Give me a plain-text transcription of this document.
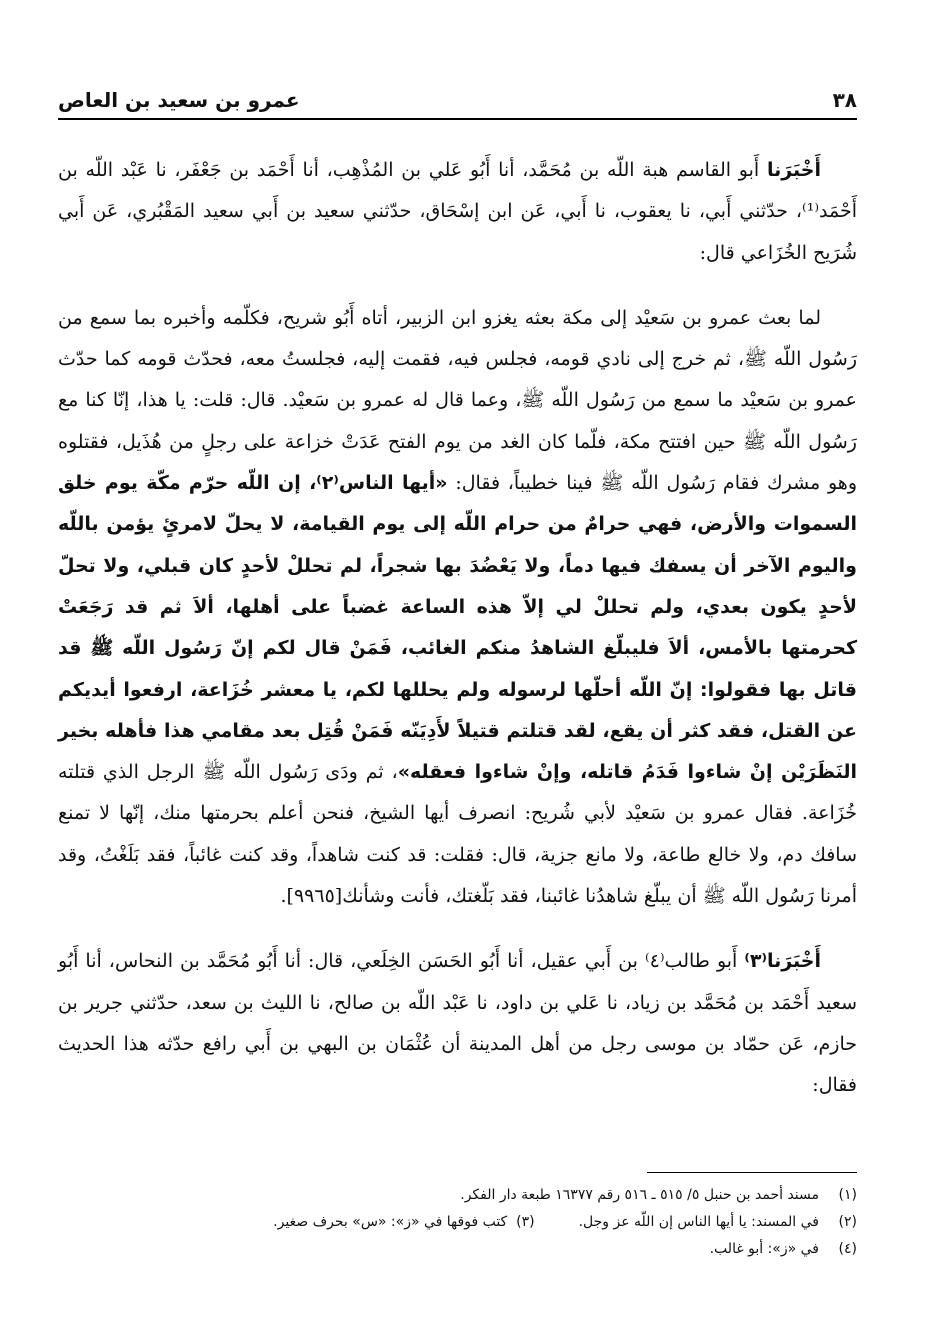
٣٨
عمرو بن سعيد بن العاص

أَخْبَرَنا أَبو القاسم هبة اللّه بن مُحَمَّد، أنا أَبُو عَلي بن المُذْهِب، أنا أَحْمَد بن جَعْفَر، نا عَبْد اللّه بن أَحْمَد⁽¹⁾، حدّثني أَبي، نا يعقوب، نا أَبي، عَن ابن إسْحَاق، حدّثني سعيد بن أَبي سعيد المَقْبُري، عَن أَبي شُرَيح الخُزَاعي قال:

لما بعث عمرو بن سَعيْد إلى مكة بعثه يغزو ابن الزبير، أتاه أَبُو شريح، فكلّمه وأخبره بما سمع من رَسُول اللّه ﷺ، ثم خرج إلى نادي قومه، فجلس فيه، فقمت إليه، فجلستُ معه، فحدّث قومه كما حدّث عمرو بن سَعيْد ما سمع من رَسُول اللّه ﷺ، وعما قال له عمرو بن سَعيْد. قال: قلت: يا هذا، إنّا كنا مع رَسُول اللّه ﷺ حين افتتح مكة، فلّما كان الغد من يوم الفتح عَدَتْ خزاعة على رجلٍ من هُذَيل، فقتلوه وهو مشرك فقام رَسُول اللّه ﷺ فينا خطيباً، فقال: «أيها الناس⁽٢⁾، إن اللّه حرّم مكّة يوم خلق السموات والأرض، فهي حرامٌ من حرام اللّه إلى يوم القيامة، لا يحلّ لامرئٍ يؤمن باللّه واليوم الآخر أن يسفك فيها دماً، ولا يَعْضُدَ بها شجراً، لم تحللْ لأحدٍ كان قبلي، ولا تحلّ لأحدٍ يكون بعدي، ولم تحللْ لي إلاّ هذه الساعة غضباً على أهلها، ألاَ ثم قد رَجَعَتْ كحرمتها بالأمس، ألاَ فليبلّغ الشاهدُ منكم الغائب، فَمَنْ قال لكم إنّ رَسُول اللّه ﷺ قد قاتل بها فقولوا: إنّ اللّه أحلّها لرسوله ولم يحللها لكم، يا معشر خُزَاعة، ارفعوا أيديكم عن القتل، فقد كثر أن يقع، لقد قتلتم قتيلاً لأَدِيَنّه فَمَنْ قُتِل بعد مقامي هذا فأهله بخير النَظَرَيْن إنْ شاءوا فَدَمُ قاتله، وإنْ شاءوا فعقله»، ثم ودَى رَسُول اللّه ﷺ الرجل الذي قتلته خُزَاعة. فقال عمرو بن سَعيْد لأبي شُريح: انصرف أيها الشيخ، فنحن أعلم بحرمتها منك، إنّها لا تمنع سافك دم، ولا خالع طاعة، ولا مانع جزية، قال: فقلت: قد كنت شاهداً، وقد كنت غائباً، فقد بَلَغْتُ، وقد أمرنا رَسُول اللّه ﷺ أن يبلّغ شاهدُنا غائبنا، فقد بَلّغتك، فأنت وشأنك[٩٩٦٥].

أَخْبَرَنا⁽٣⁾ أَبو طالب⁽٤⁾ بن أَبي عقيل، أنا أَبُو الحَسَن الخِلَعي، قال: أنا أَبُو مُحَمَّد بن النحاس، أنا أَبُو سعيد أَحْمَد بن مُحَمَّد بن زياد، نا عَلي بن داود، نا عَبْد اللّه بن صالح، نا الليث بن سعد، حدّثني جرير بن حازم، عَن حمّاد بن موسى رجل من أهل المدينة أن عُثْمَان بن البهي بن أَبي رافع حدّثه هذا الحديث فقال:

(١)
مسند أحمد بن حنبل ٥/ ٥١٥ ـ ٥١٦ رقم ١٦٣٧٧ طبعة دار الفكر.
(٢)
في المسند: يا أيها الناس إن اللّه عز وجل.
(٣)  كتب فوقها في «ز»: «س» بحرف صغير.
(٤)
في «ز»: أبو غالب.
